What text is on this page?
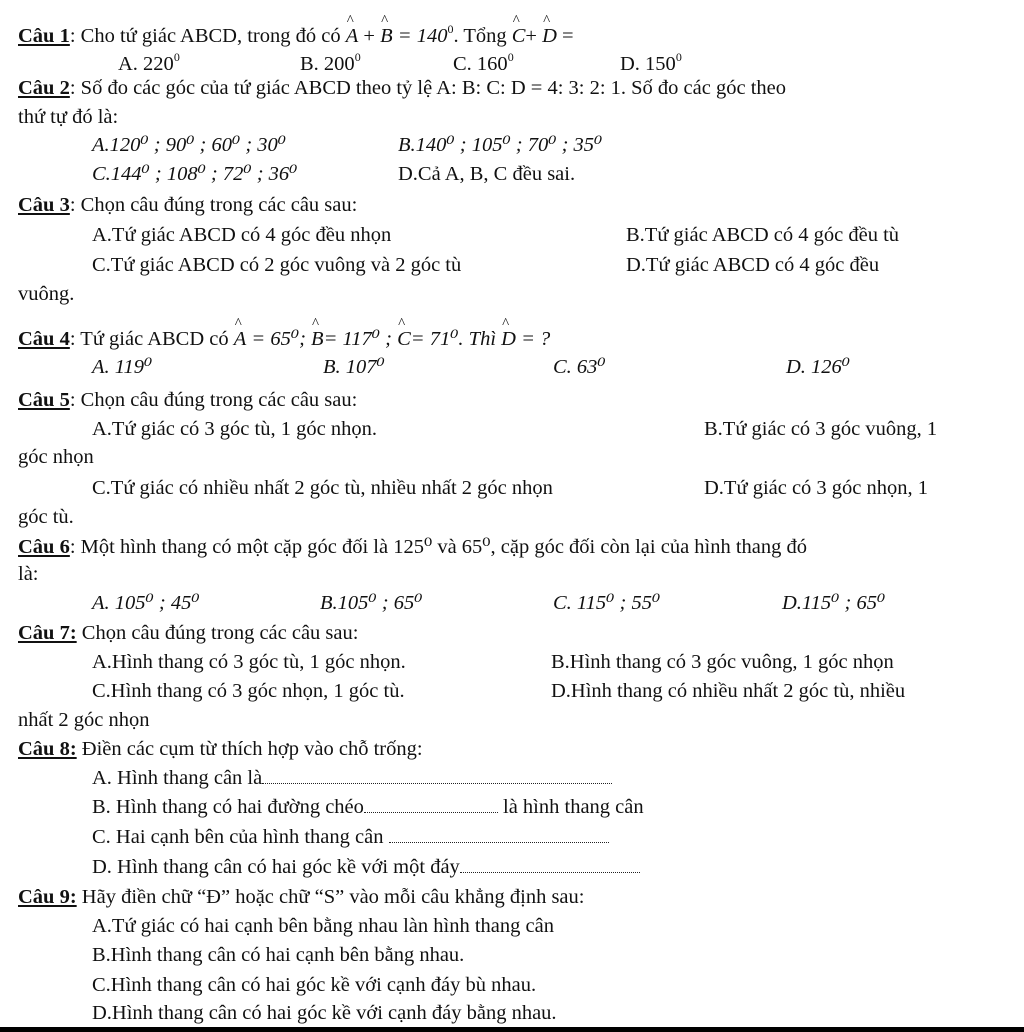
Câu 1: Cho tứ giác ABCD, trong đó có ^ A + ^ $B = 140^0$. Tổng ^ C+ ^ D =
A. $220^0$	B. $200^0$	C. $160^0$	D. $150^0$
Câu 2: Số đo các góc của tứ giác ABCD theo tỷ lệ A: B: C: D = 4: 3: 2: 1. Số đo các góc theo
thứ tự đó là:
A.120⁰ ; 90⁰ ; 60⁰ ; 30⁰	B.140⁰ ; 105⁰ ; 70⁰ ; 35⁰
C.144⁰ ; 108⁰ ; 72⁰ ; 36⁰	D.Cả A, B, C đều sai.
Câu 3: Chọn câu đúng trong các câu sau:
A.Tứ giác ABCD có 4 góc đều nhọn	B.Tứ giác ABCD có 4 góc đều tù
C.Tứ giác ABCD có 2 góc vuông và 2 góc tù	D.Tứ giác ABCD có 4 góc đều
vuông.
Câu 4: Tứ giác ABCD có ^ A = 65⁰; ^ B= 117⁰ ; ^ C= 71⁰. Thì ^ D = ?
A. 119⁰	B. 107⁰	C. 63⁰	D. 126⁰
Câu 5: Chọn câu đúng trong các câu sau:
A.Tứ giác có 3 góc tù, 1 góc nhọn.	B.Tứ giác có 3 góc vuông, 1
góc nhọn
C.Tứ giác có nhiều nhất 2 góc tù, nhiều nhất 2 góc nhọn	D.Tứ giác có 3 góc nhọn, 1
góc tù.
Câu 6: Một hình thang có một cặp góc đối là 125⁰ và 65⁰, cặp góc đối còn lại của hình thang đó
là:
A. 105⁰ ; 45⁰	B.105⁰ ; 65⁰	C. 115⁰ ; 55⁰	D.115⁰ ; 65⁰
Câu 7: Chọn câu đúng trong các câu sau:
A.Hình thang có 3 góc tù, 1 góc nhọn.	B.Hình thang có 3 góc vuông, 1 góc nhọn
C.Hình thang có 3 góc nhọn, 1 góc tù.	D.Hình thang có nhiều nhất 2 góc tù, nhiều
nhất 2 góc nhọn
Câu 8: Điền các cụm từ thích hợp vào chỗ trống:
A. Hình thang cân là
B. Hình thang có hai đường chéo	là hình thang cân
C. Hai cạnh bên của hình thang cân
D. Hình thang cân có hai góc kề với một đáy
Câu 9: Hãy điền chữ “Đ” hoặc chữ “S” vào mỗi câu khẳng định sau:
A.Tứ giác có hai cạnh bên bằng nhau làn hình thang cân
B.Hình thang cân có hai cạnh bên bằng nhau.
C.Hình thang cân có hai góc kề với cạnh đáy bù nhau.
D.Hình thang cân có hai góc kề với cạnh đáy bằng nhau.
